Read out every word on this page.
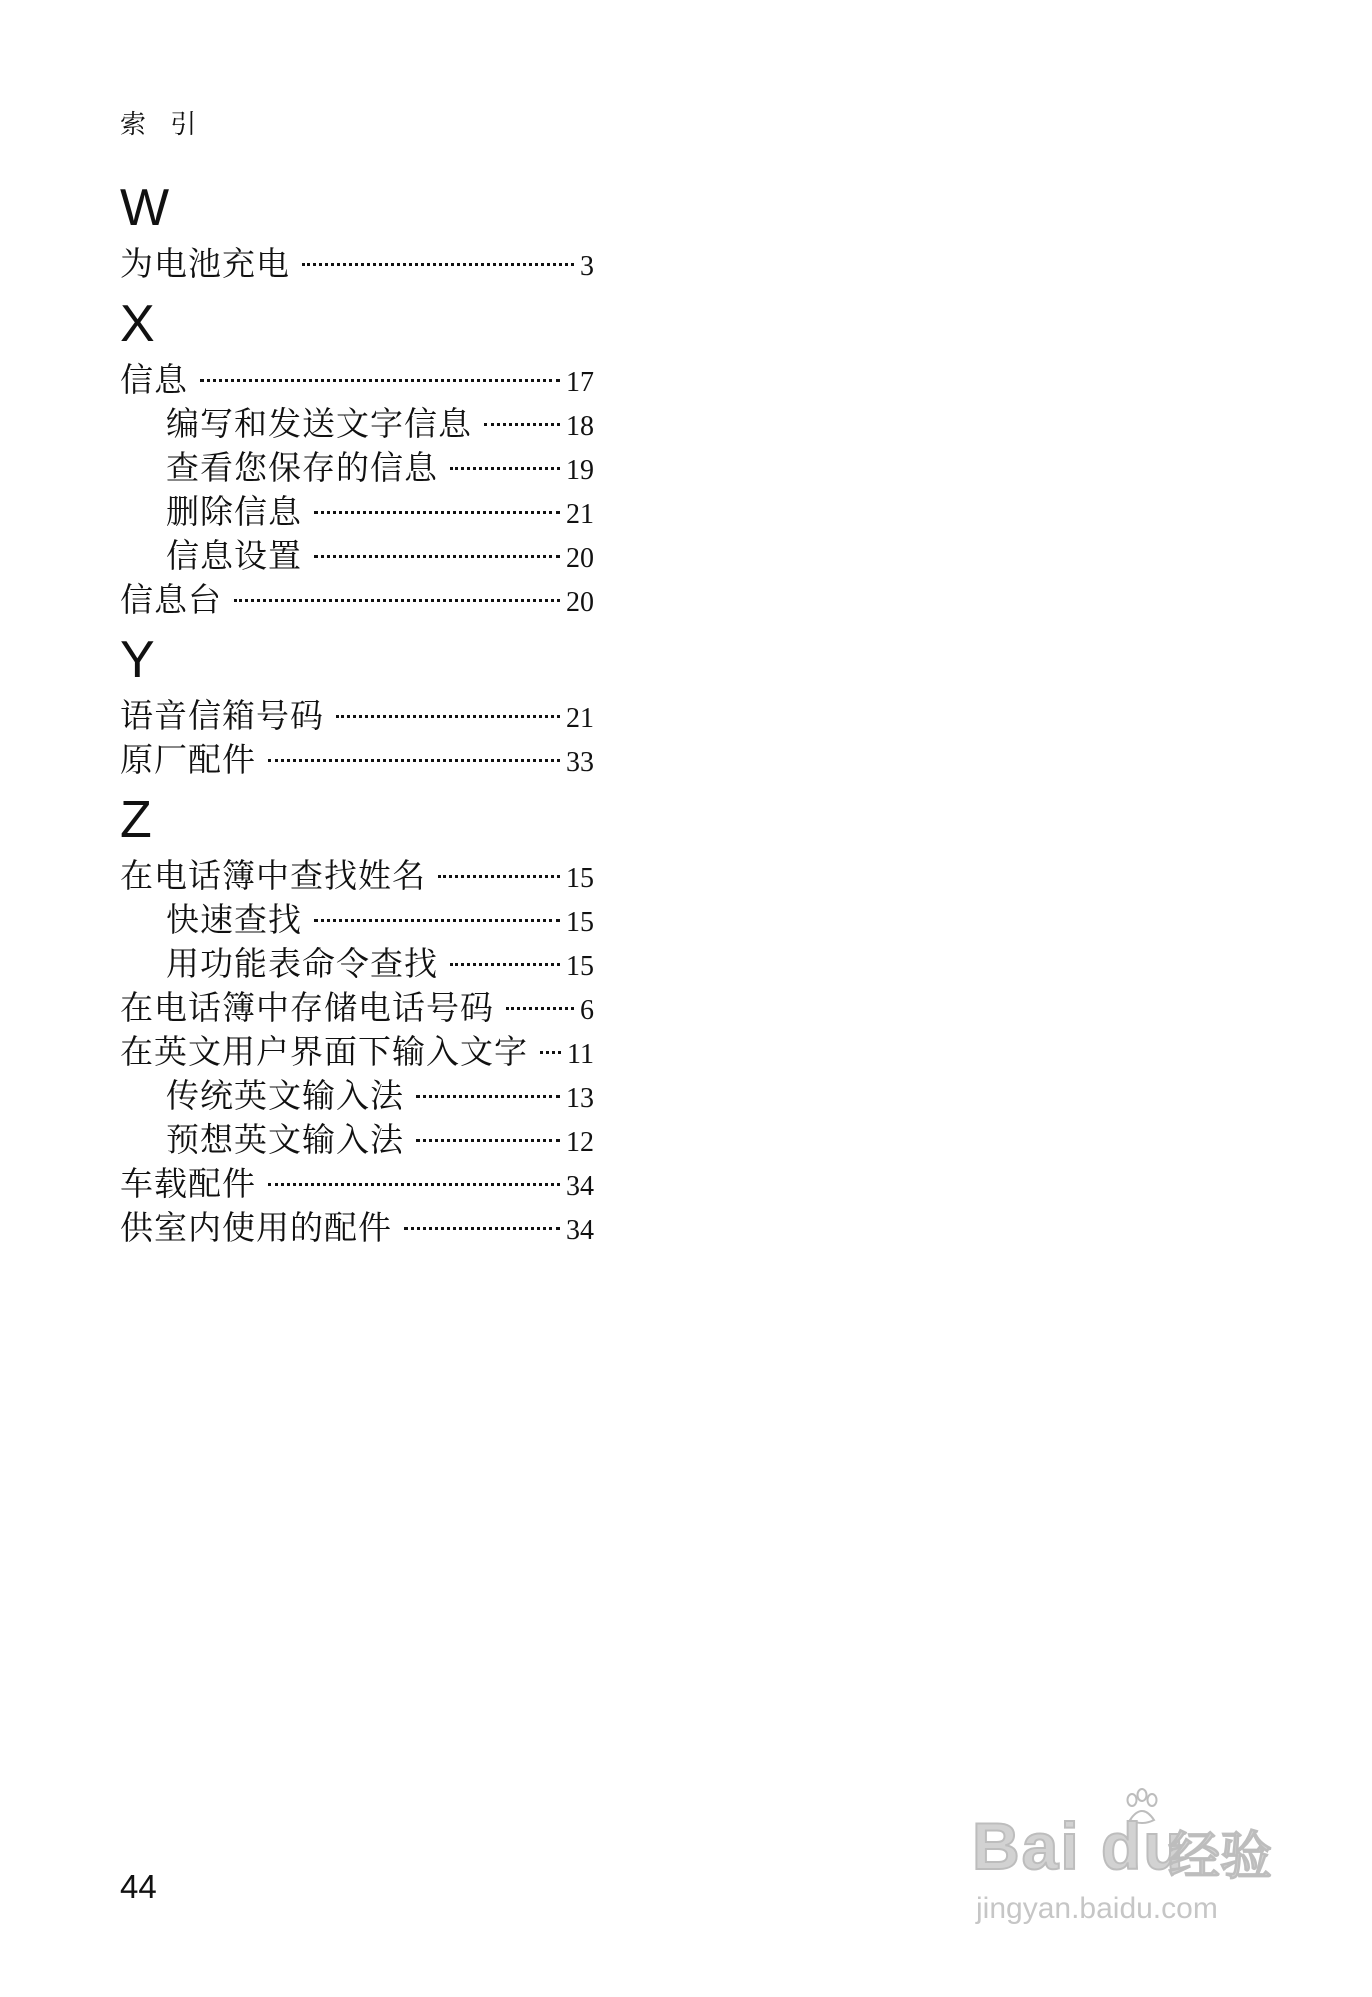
索 引
W
为电池充电	3
X
信息	17
编写和发送文字信息	18
查看您保存的信息	19
删除信息	21
信息设置	20
信息台	20
Y
语音信箱号码	21
原厂配件	33
Z
在电话簿中查找姓名	15
快速查找	15
用功能表命令查找	15
在电话簿中存储电话号码	6
在英文用户界面下输入文字 11
传统英文输入法	13
预想英文输入法	12
车载配件	34
供室内使用的配件	34
44
Bai du
经验
jingyan.baidu.com
